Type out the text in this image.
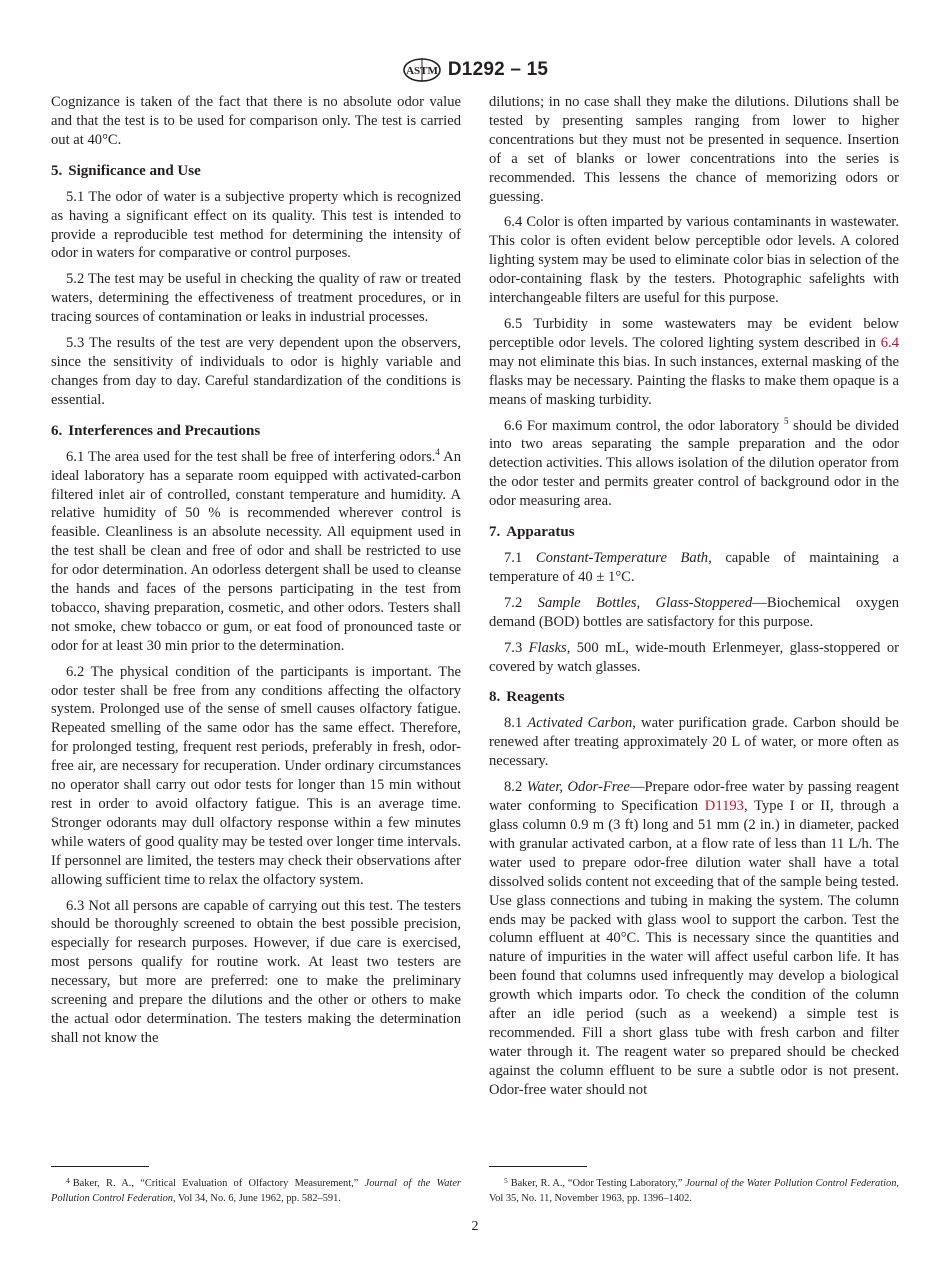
ASTM D1292 – 15

Cognizance is taken of the fact that there is no absolute odor value and that the test is to be used for comparison only. The test is carried out at 40°C.

5. Significance and Use

5.1 The odor of water is a subjective property which is recognized as having a significant effect on its quality. This test is intended to provide a reproducible test method for determining the intensity of odor in waters for comparative or control purposes.

5.2 The test may be useful in checking the quality of raw or treated waters, determining the effectiveness of treatment procedures, or in tracing sources of contamination or leaks in industrial processes.

5.3 The results of the test are very dependent upon the observers, since the sensitivity of individuals to odor is highly variable and changes from day to day. Careful standardization of the conditions is essential.

6. Interferences and Precautions

6.1 The area used for the test shall be free of interfering odors.$^4$ An ideal laboratory has a separate room equipped with activated-carbon filtered inlet air of controlled, constant temperature and humidity. A relative humidity of 50 % is recommended wherever control is feasible. Cleanliness is an absolute necessity. All equipment used in the test shall be clean and free of odor and shall be restricted to use for odor determination. An odorless detergent shall be used to cleanse the hands and faces of the persons participating in the test from tobacco, shaving preparation, cosmetic, and other odors. Testers shall not smoke, chew tobacco or gum, or eat food of pronounced taste or odor for at least 30 min prior to the determination.

6.2 The physical condition of the participants is important. The odor tester shall be free from any conditions affecting the olfactory system. Prolonged use of the sense of smell causes olfactory fatigue. Repeated smelling of the same odor has the same effect. Therefore, for prolonged testing, frequent rest periods, preferably in fresh, odor-free air, are necessary for recuperation. Under ordinary circumstances no operator shall carry out odor tests for longer than 15 min without rest in order to avoid olfactory fatigue. This is an average time. Stronger odorants may dull olfactory response within a few minutes while waters of good quality may be tested over longer time intervals. If personnel are limited, the testers may check their observations after allowing sufficient time to relax the olfactory system.

6.3 Not all persons are capable of carrying out this test. The testers should be thoroughly screened to obtain the best possible precision, especially for research purposes. However, if due care is exercised, most persons qualify for routine work. At least two testers are necessary, but more are preferred: one to make the preliminary screening and prepare the dilutions and the other or others to make the actual odor determination. The testers making the determination shall not know the

$^4$ Baker, R. A., “Critical Evaluation of Olfactory Measurement,” Journal of the Water Pollution Control Federation, Vol 34, No. 6, June 1962, pp. 582–591.

dilutions; in no case shall they make the dilutions. Dilutions shall be tested by presenting samples ranging from lower to higher concentrations but they must not be presented in sequence. Insertion of a set of blanks or lower concentrations into the series is recommended. This lessens the chance of memorizing odors or guessing.

6.4 Color is often imparted by various contaminants in wastewater. This color is often evident below perceptible odor levels. A colored lighting system may be used to eliminate color bias in selection of the odor-containing flask by the testers. Photographic safelights with interchangeable filters are useful for this purpose.

6.5 Turbidity in some wastewaters may be evident below perceptible odor levels. The colored lighting system described in 6.4 may not eliminate this bias. In such instances, external masking of the flasks may be necessary. Painting the flasks to make them opaque is a means of masking turbidity.

6.6 For maximum control, the odor laboratory $^5$ should be divided into two areas separating the sample preparation and the odor detection activities. This allows isolation of the dilution operator from the odor tester and permits greater control of background odor in the odor measuring area.

7. Apparatus

7.1 Constant-Temperature Bath, capable of maintaining a temperature of 40 ± 1°C.

7.2 Sample Bottles, Glass-Stoppered—Biochemical oxygen demand (BOD) bottles are satisfactory for this purpose.

7.3 Flasks, 500 mL, wide-mouth Erlenmeyer, glass-stoppered or covered by watch glasses.

8. Reagents

8.1 Activated Carbon, water purification grade. Carbon should be renewed after treating approximately 20 L of water, or more often as necessary.

8.2 Water, Odor-Free—Prepare odor-free water by passing reagent water conforming to Specification D1193, Type I or II, through a glass column 0.9 m (3 ft) long and 51 mm (2 in.) in diameter, packed with granular activated carbon, at a flow rate of less than 11 L/h. The water used to prepare odor-free dilution water shall have a total dissolved solids content not exceeding that of the sample being tested. Use glass connections and tubing in making the system. The column ends may be packed with glass wool to support the carbon. Test the column effluent at 40°C. This is necessary since the quantities and nature of impurities in the water will affect useful carbon life. It has been found that columns used infrequently may develop a biological growth which imparts odor. To check the condition of the column after an idle period (such as a weekend) a simple test is recommended. Fill a short glass tube with fresh carbon and filter water through it. The reagent water so prepared should be checked against the column effluent to be sure a subtle odor is not present. Odor-free water should not

$^5$ Baker, R. A., “Odor Testing Laboratory,” Journal of the Water Pollution Control Federation, Vol 35, No. 11, November 1963, pp. 1396–1402.
2
